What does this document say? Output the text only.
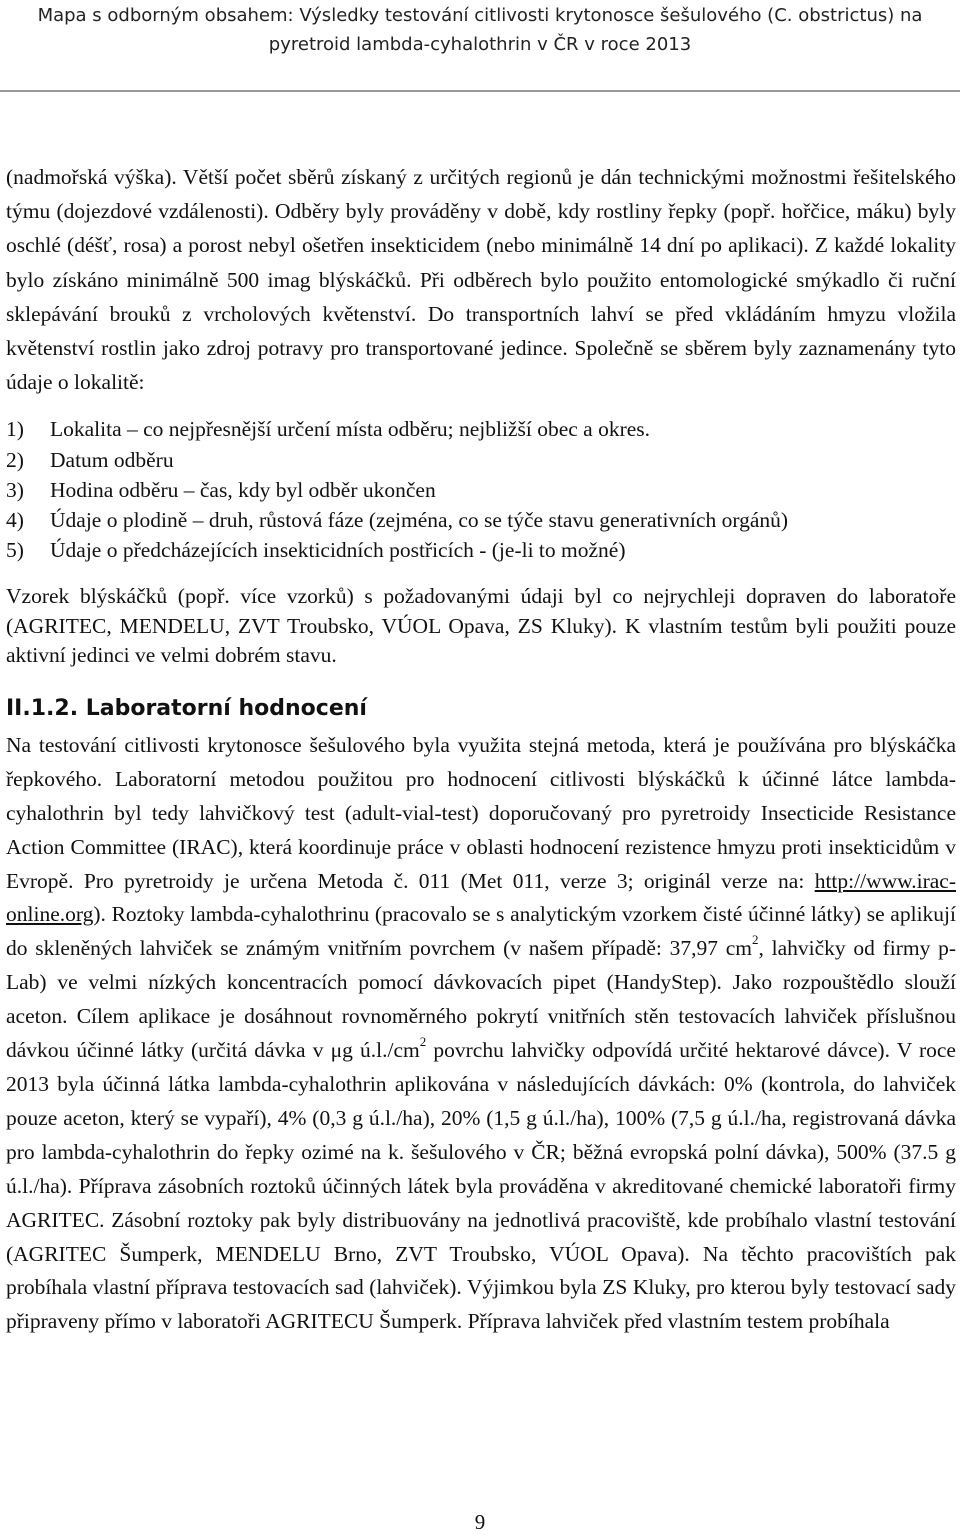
Mapa s odborným obsahem: Výsledky testování citlivosti krytonosce šešulového (C. obstrictus) na
pyretroid lambda-cyhalothrin v ČR v roce 2013

(nadmořská výška). Větší počet sběrů získaný z určitých regionů je dán technickými možnostmi řešitelského týmu (dojezdové vzdálenosti). Odběry byly prováděny v době, kdy rostliny řepky (popř. hořčice, máku) byly oschlé (déšť, rosa) a porost nebyl ošetřen insekticidem (nebo minimálně 14 dní po aplikaci). Z každé lokality bylo získáno minimálně 500 imag blýskáčků. Při odběrech bylo použito entomologické smýkadlo či ruční sklepávání brouků z vrcholových květenství. Do transportních lahví se před vkládáním hmyzu vložila květenství rostlin jako zdroj potravy pro transportované jedince. Společně se sběrem byly zaznamenány tyto údaje o lokalitě:

1) Lokalita – co nejpřesnější určení místa odběru; nejbližší obec a okres.
2) Datum odběru
3) Hodina odběru – čas, kdy byl odběr ukončen
4) Údaje o plodině – druh, růstová fáze (zejména, co se týče stavu generativních orgánů)
5) Údaje o předcházejících insekticidních postřicích - (je-li to možné)

Vzorek blýskáčků (popř. více vzorků) s požadovanými údaji byl co nejrychleji dopraven do laboratoře (AGRITEC, MENDELU, ZVT Troubsko, VÚOL Opava, ZS Kluky). K vlastním testům byli použiti pouze aktivní jedinci ve velmi dobrém stavu.

II.1.2. Laboratorní hodnocení

Na testování citlivosti krytonosce šešulového byla využita stejná metoda, která je používána pro blýskáčka řepkového. Laboratorní metodou použitou pro hodnocení citlivosti blýskáčků k účinné látce lambda-cyhalothrin byl tedy lahvičkový test (adult-vial-test) doporučovaný pro pyretroidy Insecticide Resistance Action Committee (IRAC), která koordinuje práce v oblasti hodnocení rezistence hmyzu proti insekticidům v Evropě. Pro pyretroidy je určena Metoda č. 011 (Met 011, verze 3; originál verze na: http://www.irac-online.org). Roztoky lambda-cyhalothrinu (pracovalo se s analytickým vzorkem čisté účinné látky) se aplikují do skleněných lahviček se známým vnitřním povrchem (v našem případě: 37,97 $cm^2$, lahvičky od firmy p-Lab) ve velmi nízkých koncentracích pomocí dávkovacích pipet (HandyStep). Jako rozpouštědlo slouží aceton. Cílem aplikace je dosáhnout rovnoměrného pokrytí vnitřních stěn testovacích lahviček příslušnou dávkou účinné látky (určitá dávka v μg $ú.l./cm^2$ povrchu lahvičky odpovídá určité hektarové dávce). V roce 2013 byla účinná látka lambda-cyhalothrin aplikována v následujících dávkách: 0% (kontrola, do lahviček pouze aceton, který se vypaří), 4% (0,3 g ú.l./ha), 20% (1,5 g ú.l./ha), 100% (7,5 g ú.l./ha, registrovaná dávka pro lambda-cyhalothrin do řepky ozimé na k. šešulového v ČR; běžná evropská polní dávka), 500% (37.5 g ú.l./ha). Příprava zásobních roztoků účinných látek byla prováděna v akreditované chemické laboratoři firmy AGRITEC. Zásobní roztoky pak byly distribuovány na jednotlivá pracoviště, kde probíhalo vlastní testování (AGRITEC Šumperk, MENDELU Brno, ZVT Troubsko, VÚOL Opava). Na těchto pracovištích pak probíhala vlastní příprava testovacích sad (lahviček). Výjimkou byla ZS Kluky, pro kterou byly testovací sady připraveny přímo v laboratoři AGRITECU Šumperk. Příprava lahviček před vlastním testem probíhala

9
